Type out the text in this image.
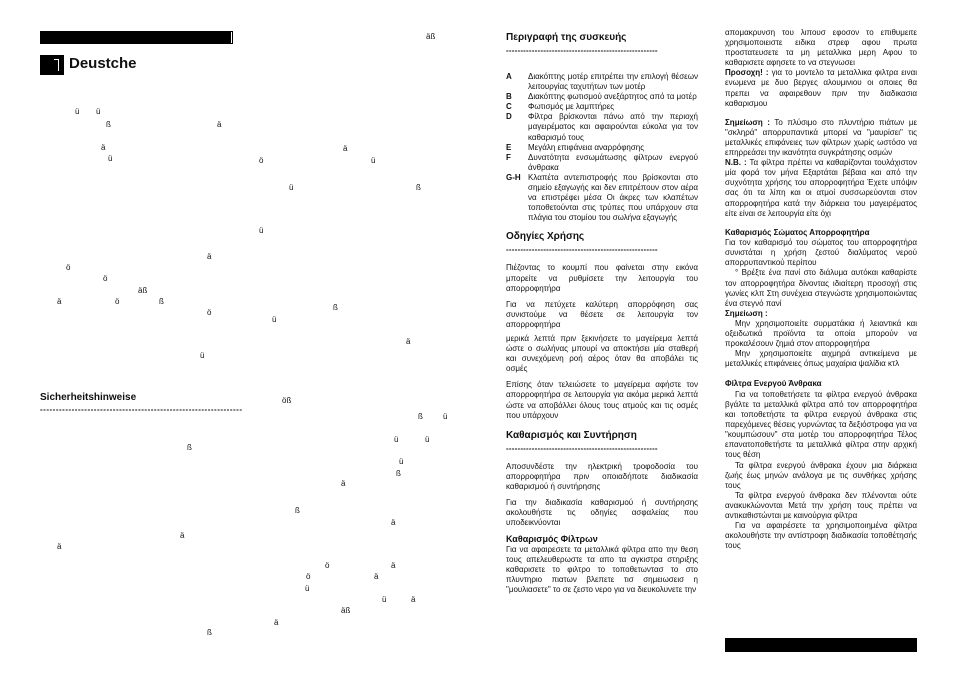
äß
Deustche
ü ü
ß	ä
ä	ä
ü	ö	ü
ü	ß
ü
ä
ö
ö
äß
ä	ö	ß
ß
ö
ü
ä
ü
ß	ü
ß
ü	ü
ü
ß
ä
ß
ä
ä
ä
ö	ä
ö	ä
ü
ü	ä
äß
ä
ß
Sicherheitshinweise
----------------------------------------------------------------
öß

Περιγραφή της συσκευής

-----------------------------------------------------

A	Διακόπτης μοτέρ επιτρέπει την επιλογή θέσεων λειτουργίας ταχυτήτων των μοτέρ
B	Διακόπτης φωτισμού ανεξάρτητος από τα μοτέρ
C	Φωτισμός με λαμπτήρες
D	Φίλτρα βρίσκονται πάνω από την περιοχή μαγειρέματος και αφαιρούνται εύκολα για τον καθαρισμό τους
E	Μεγάλη επιφάνεια αναρρόφησης
F	Δυνατότητα ενσωμάτωσης φίλτρων ενεργού άνθρακα
G-H Κλαπέτα αντεπιστροφής που βρίσκονται στο σημείο εξαγωγής και δεν επιτρέπουν στον αέρα να επιστρέφει μέσα Οι άκρες των κλαπέτων τοποθετούνται στις τρύπες που υπάρχουν στα πλάγια του στομίου του σωλήνα εξαγωγής

Οδηγίες Χρήσης

-----------------------------------------------------

Πιέζοντας το κουμπί που φαίνεται στην εικόνα μπορείτε να ρυθμίσετε την λειτουργία του απορροφητήρα

Για να πετύχετε καλύτερη απορρόφηση σας συνιστούμε να θέσετε σε λειτουργία τον απορροφητήρα

μερικά λεπτά πριν ξεκινήσετε το μαγείρεμα λεπτά ώστε ο σωλήνας μπουρί να αποκτήσει μία σταθερή και συνεχόμενη ροή αέρος όταν θα αποβάλει τις οσμές

Επίσης όταν τελειώσετε το μαγείρεμα αφήστε τον απορροφητήρα σε λειτουργία για ακόμα μερικά λεπτά ώστε να αποβάλλει όλους τους ατμούς και τις οσμές που υπάρχουν

Καθαρισμός και Συντήρηση

-----------------------------------------------------

Αποσυνδέστε την ηλεκτρική τροφοδοσία του απορροφητήρα πριν οποιαδήποτε διαδικασία καθαρισμού ή συντήρησης

Για την διαδικασία καθαρισμού ή συντήρησης ακολουθήστε τις οδηγίες ασφαλείας που υποδεικνύονται

Καθαρισμός Φίλτρων

Για να αφαιρεσετε τα μεταλλικά φίλτρα απο την θεση τους απελευθερωστε τα απο τα αγκιστρα στηριξης καθαρισετε το φιλτρο το τοποθετωντασ το στο πλυντηριο πιατων βλεπετε τισ σημειωσεισ η "μουλιασετε" το σε ζεστο νερο για να διευκολυνετε την

απομακρυνση του λιπουσ εφοσον το επιθυμειτε χρησιμοποιειστε ειδικα στρεφ αφου πρωτα προστατευσετε τα μη μεταλλικα μερη Αφου το καθαρισετε αφησετε το να στεγνωσει

Προσοχη! : για το μοντελο τα μεταλλικα φιλτρα ειναι ενωμενα με δυο βεργες αλουμινιου οι οποιες θα πρεπει να αφαιρεθουν πριν την διαδικασια καθαρισμου

Σημείωση : Το πλύσιμο στο πλυντήριο πιάτων με "σκληρά" απορρυπαντικά μπορεί να "μαυρίσει" τις μεταλλικές επιφάνειες των φίλτρων χωρίς ωστόσο να επηρρεάσει την ικανότητα συγκράτησης οσμών

Ν.Β. : Τα φίλτρα πρέπει να καθαρίζονται τουλάχιστον μία φορά τον μήνα Εξαρτάται βέβαια και από την συχνότητα χρήσης του απορροφητήρα Έχετε υπόψιν σας ότι τα λίπη και οι ατμοί συσσωρεύονται στον απορροφητήρα κατά την διάρκεια του μαγειρέματος είτε είναι σε λειτουργία είτε όχι

Καθαρισμός Σώματος Απορροφητήρα

Για τον καθαρισμό του σώματος του απορροφητήρα συνιστάται η χρήση ζεστού διαλύματος νερού απορρυπαντικού περίπου

° Βρέξτε ένα πανί στο διάλυμα αυτόκαι καθαρίστε τον απορροφητήρα δίνοντας ιδιαίτερη προσοχή στις γωνίες κλπ Στη συνέχεια στεγνώστε χρησιμοποιώντας ένα στεγνό πανί

Σημείωση :

Μην χρησιμοποιείτε συρματάκια ή λειαντικά και οξειδωτικά προϊόντα τα οποία μπορούν να προκαλέσουν ζημιά στον απορροφητήρα

Μην χρησιμοποιείτε αιχμηρά αντικείμενα με μεταλλικές επιφάνειες όπως μαχαίρια ψαλίδια κτλ

Φίλτρα Ενεργού Άνθρακα

Για να τοποθετήσετε τα φίλτρα ενεργού άνθρακα βγάλτε τα μεταλλικά φίλτρα από τον απορροφητήρα και τοποθετήστε τα φίλτρα ενεργού άνθρακα στις παρεχόμενες θέσεις γυρνώντας τα δεξιόστροφα για να "κουμπώσουν" στα μοτέρ του απορροφητήρα Τέλος επανατοποθετήστε τα μεταλλικά φίλτρα στην αρχική τους θέση

Τα φίλτρα ενεργού άνθρακα έχουν μια διάρκεια ζωής έως μηνών ανάλογα με τις συνθήκες χρήσης τους

Τα φίλτρα ενεργού άνθρακα δεν πλένονται ούτε ανακυκλώνονται Μετά την χρήση τους πρέπει να αντικαθιστώνται με καινούργια φίλτρα

Για να αφαιρέσετε τα χρησιμοποιημένα φίλτρα ακολουθήστε την αντίστροφη διαδικασία τοποθέτησής τους
